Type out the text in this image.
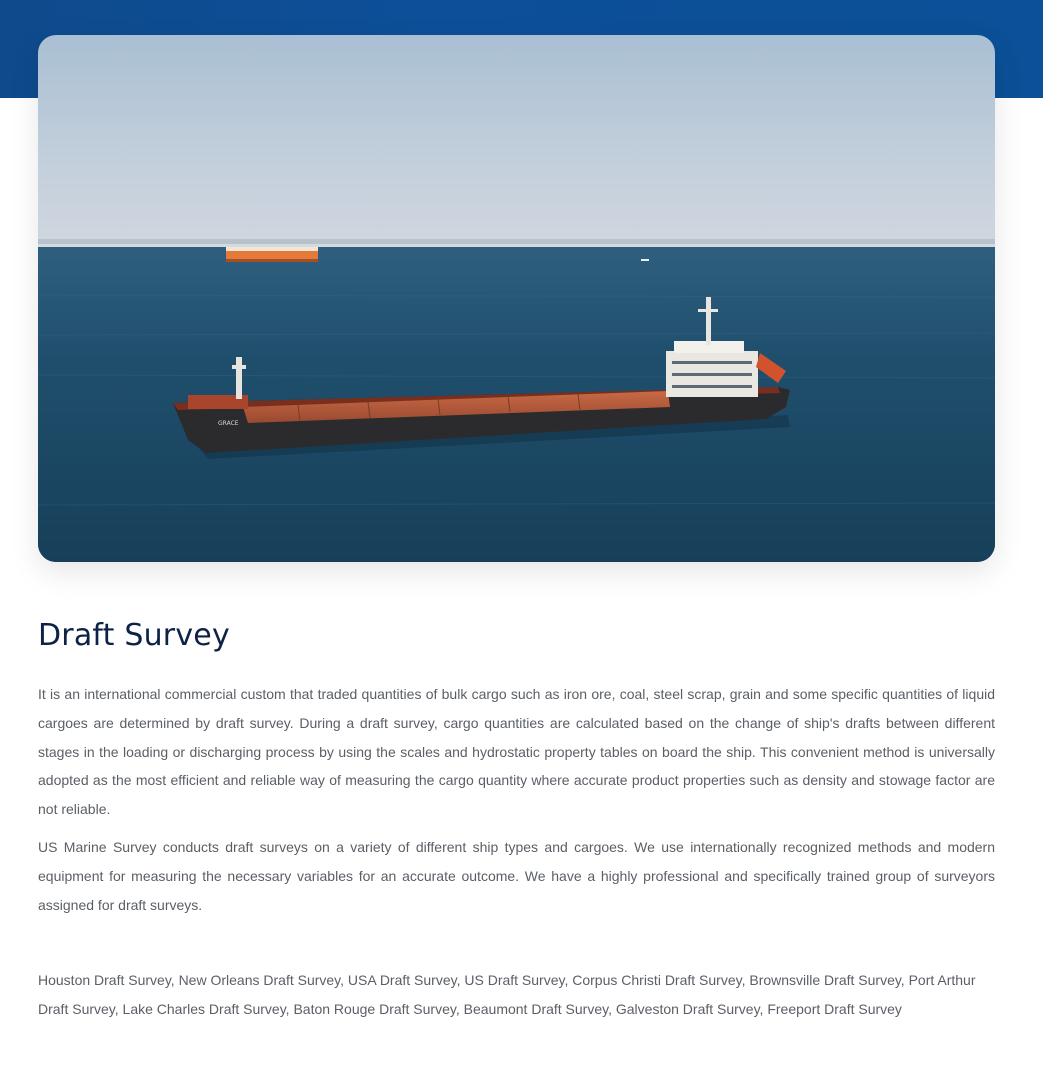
GRACE
Draft Survey

It is an international commercial custom that traded quantities of bulk cargo such as iron ore, coal, steel scrap, grain and some specific quantities of liquid cargoes are determined by draft survey. During a draft survey, cargo quantities are calculated based on the change of ship's drafts between different stages in the loading or discharging process by using the scales and hydrostatic property tables on board the ship. This convenient method is universally adopted as the most efficient and reliable way of measuring the cargo quantity where accurate product properties such as density and stowage factor are not reliable.

US Marine Survey conducts draft surveys on a variety of different ship types and cargoes. We use internationally recognized methods and modern equipment for measuring the necessary variables for an accurate outcome. We have a highly professional and specifically trained group of surveyors assigned for draft surveys.

Houston Draft Survey, New Orleans Draft Survey, USA Draft Survey, US Draft Survey, Corpus Christi Draft Survey, Brownsville Draft Survey, Port Arthur Draft Survey, Lake Charles Draft Survey, Baton Rouge Draft Survey, Beaumont Draft Survey, Galveston Draft Survey, Freeport Draft Survey
